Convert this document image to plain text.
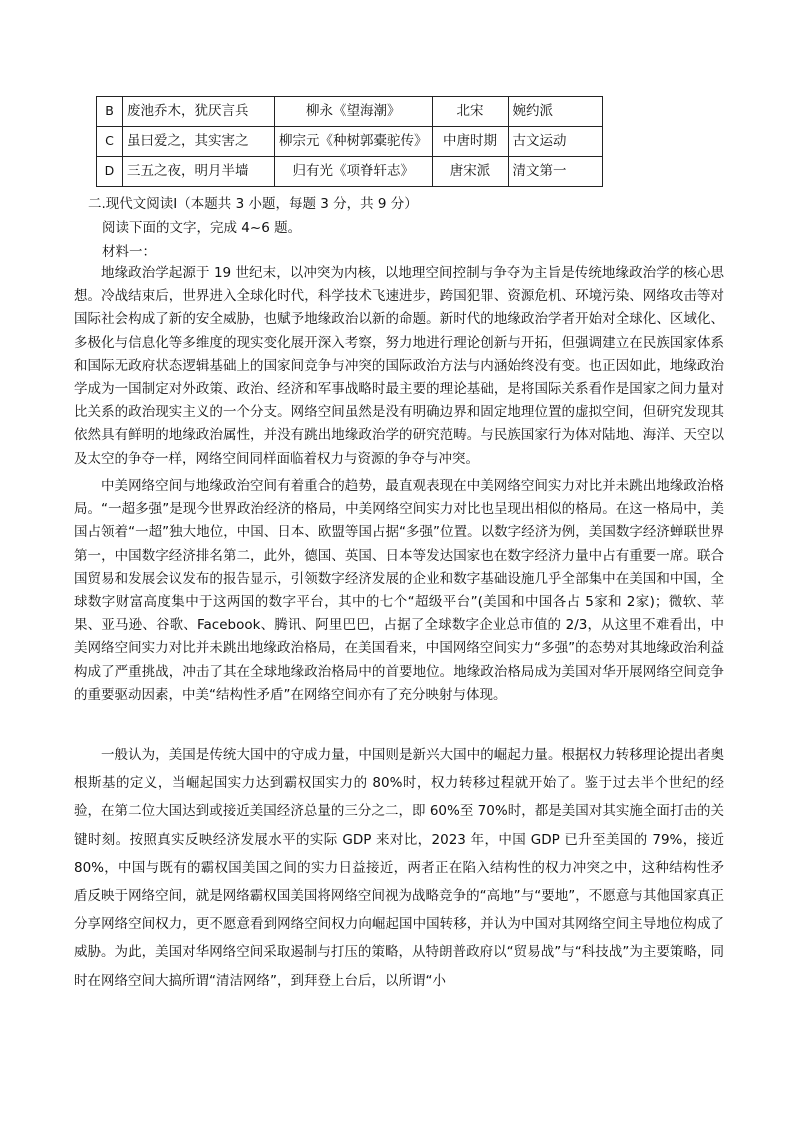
B	废池乔木，犹厌言兵	柳永《望海潮》	北宋	婉约派
C	虽曰爱之，其实害之	柳宗元《种树郭橐驼传》	中唐时期	古文运动
D	三五之夜，明月半墙	归有光《项脊轩志》	唐宋派	清文第一
二.现代文阅读Ⅰ（本题共 3 小题，每题 3 分，共 9 分）
阅读下面的文字，完成 4~6 题。
材料一：

地缘政治学起源于 19 世纪末，以冲突为内核，以地理空间控制与争夺为主旨是传统地缘政治学的核心思想。冷战结束后，世界进入全球化时代，科学技术飞速进步，跨国犯罪、资源危机、环境污染、网络攻击等对国际社会构成了新的安全威胁，也赋予地缘政治以新的命题。新时代的地缘政治学者开始对全球化、区域化、多极化与信息化等多维度的现实变化展开深入考察，努力地进行理论创新与开拓，但强调建立在民族国家体系和国际无政府状态逻辑基础上的国家间竞争与冲突的国际政治方法与内涵始终没有变。也正因如此，地缘政治学成为一国制定对外政策、政治、经济和军事战略时最主要的理论基础，是将国际关系看作是国家之间力量对比关系的政治现实主义的一个分支。网络空间虽然是没有明确边界和固定地理位置的虚拟空间，但研究发现其依然具有鲜明的地缘政治属性，并没有跳出地缘政治学的研究范畴。与民族国家行为体对陆地、海洋、天空以及太空的争夺一样，网络空间同样面临着权力与资源的争夺与冲突。

中美网络空间与地缘政治空间有着重合的趋势，最直观表现在中美网络空间实力对比并未跳出地缘政治格局。“一超多强”是现今世界政治经济的格局，中美网络空间实力对比也呈现出相似的格局。在这一格局中，美国占领着“一超”独大地位，中国、日本、欧盟等国占据“多强”位置。以数字经济为例，美国数字经济蝉联世界第一，中国数字经济排名第二，此外，德国、英国、日本等发达国家也在数字经济力量中占有重要一席。联合国贸易和发展会议发布的报告显示，引领数字经济发展的企业和数字基础设施几乎全部集中在美国和中国，全球数字财富高度集中于这两国的数字平台，其中的七个“超级平台”(美国和中国各占 5家和 2家)；微软、苹果、亚马逊、谷歌、Facebook、腾讯、阿里巴巴，占据了全球数字企业总市值的 2/3，从这里不难看出，中美网络空间实力对比并未跳出地缘政治格局，在美国看来，中国网络空间实力“多强”的态势对其地缘政治利益构成了严重挑战，冲击了其在全球地缘政治格局中的首要地位。地缘政治格局成为美国对华开展网络空间竞争的重要驱动因素，中美“结构性矛盾”在网络空间亦有了充分映射与体现。

一般认为，美国是传统大国中的守成力量，中国则是新兴大国中的崛起力量。根据权力转移理论提出者奥根斯基的定义，当崛起国实力达到霸权国实力的 80%时，权力转移过程就开始了。鉴于过去半个世纪的经验，在第二位大国达到或接近美国经济总量的三分之二，即 60%至 70%时，都是美国对其实施全面打击的关键时刻。按照真实反映经济发展水平的实际 GDP 来对比，2023 年，中国 GDP 已升至美国的 79%，接近 80%，中国与既有的霸权国美国之间的实力日益接近，两者正在陷入结构性的权力冲突之中，这种结构性矛盾反映于网络空间，就是网络霸权国美国将网络空间视为战略竞争的“高地”与“要地”，不愿意与其他国家真正分享网络空间权力，更不愿意看到网络空间权力向崛起国中国转移，并认为中国对其网络空间主导地位构成了威胁。为此，美国对华网络空间采取遏制与打压的策略，从特朗普政府以“贸易战”与“科技战”为主要策略，同时在网络空间大搞所谓“清洁网络”，到拜登上台后，以所谓“小
